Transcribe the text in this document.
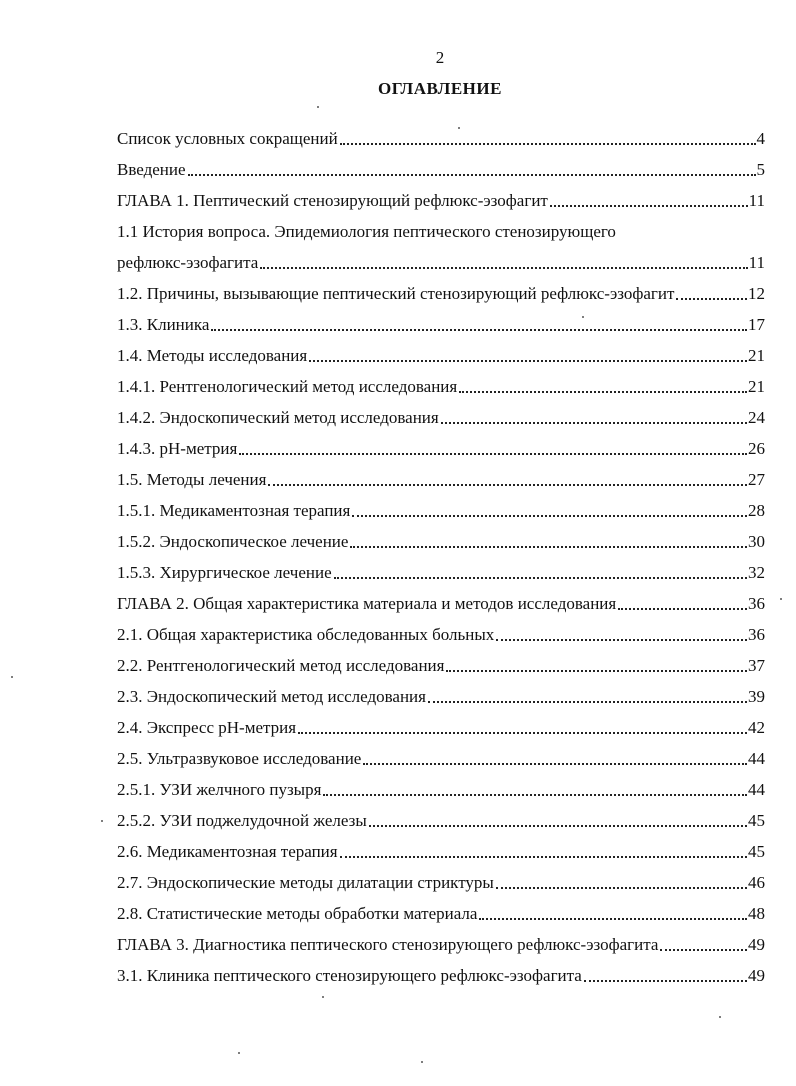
2
ОГЛАВЛЕНИЕ
Список условных сокращений	4
Введение	5
ГЛАВА 1. Пептический стенозирующий рефлюкс-эзофагит	11
1.1 История вопроса. Эпидемиология пептического стенозирующего
рефлюкс-эзофагита	11
1.2. Причины, вызывающие пептический стенозирующий рефлюкс-эзофагит	12
1.3. Клиника	17
1.4. Методы исследования	21
1.4.1. Рентгенологический метод исследования	21
1.4.2. Эндоскопический метод исследования	24
1.4.3. рН-метрия	26
1.5. Методы лечения	27
1.5.1. Медикаментозная терапия	28
1.5.2. Эндоскопическое лечение	30
1.5.3. Хирургическое лечение	32
ГЛАВА 2. Общая характеристика материала и методов исследования	36
2.1. Общая характеристика обследованных больных	36
2.2. Рентгенологический метод исследования	37
2.3. Эндоскопический метод исследования	39
2.4. Экспресс рН-метрия	42
2.5. Ультразвуковое исследование	44
2.5.1. УЗИ желчного пузыря	44
2.5.2. УЗИ поджелудочной железы	45
2.6. Медикаментозная терапия	45
2.7. Эндоскопические методы дилатации стриктуры	46
2.8. Статистические методы обработки материала	48
ГЛАВА 3. Диагностика пептического стенозирующего рефлюкс-эзофагита	49
3.1. Клиника пептического стенозирующего рефлюкс-эзофагита	49
